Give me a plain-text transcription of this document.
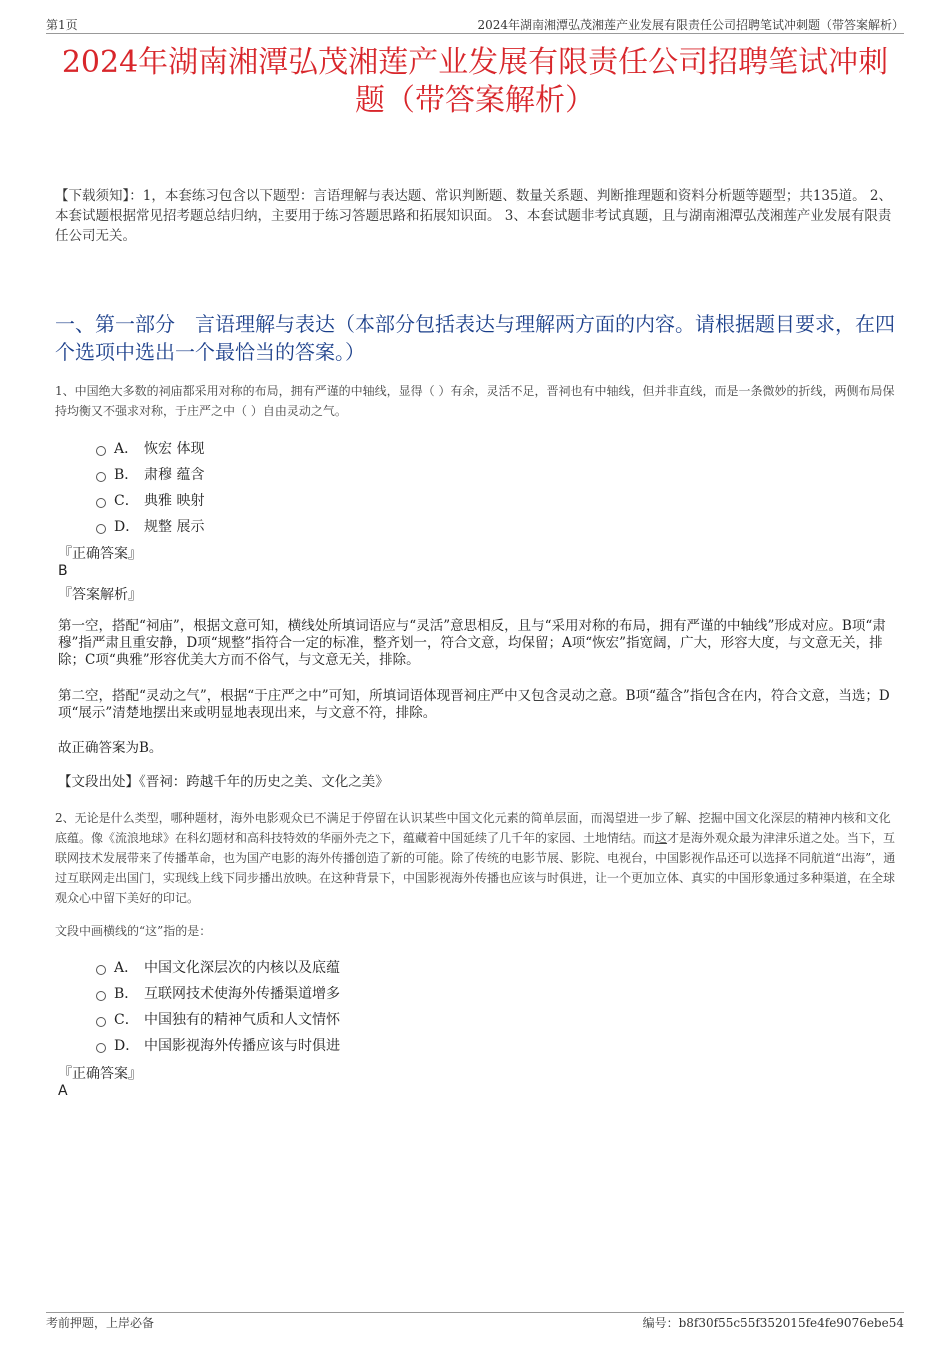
第1页	2024年湖南湘潭弘茂湘莲产业发展有限责任公司招聘笔试冲刺题（带答案解析）
2024年湖南湘潭弘茂湘莲产业发展有限责任公司招聘笔试冲刺题（带答案解析）
【下载须知】：1，本套练习包含以下题型：言语理解与表达题、常识判断题、数量关系题、判断推理题和资料分析题等题型；共135道。 2、本套试题根据常见招考题总结归纳，主要用于练习答题思路和拓展知识面。 3、本套试题非考试真题，且与湖南湘潭弘茂湘莲产业发展有限责任公司无关。
一、第一部分　言语理解与表达（本部分包括表达与理解两方面的内容。请根据题目要求，在四个选项中选出一个最恰当的答案。）
1、中国绝大多数的祠庙都采用对称的布局，拥有严谨的中轴线，显得（ ）有余，灵活不足，晋祠也有中轴线，但并非直线，而是一条微妙的折线，两侧布局保持均衡又不强求对称，于庄严之中（ ）自由灵动之气。
A． 恢宏 体现
B． 肃穆 蕴含
C． 典雅 映射
D． 规整 展示
『正确答案』
B
『答案解析』
第一空，搭配“祠庙”，根据文意可知，横线处所填词语应与“灵活”意思相反，且与“采用对称的布局，拥有严谨的中轴线”形成对应。B项“肃穆”指严肃且重安静，D项“规整”指符合一定的标准，整齐划一，符合文意，均保留；A项“恢宏”指宽阔，广大，形容大度，与文意无关，排除；C项“典雅”形容优美大方而不俗气，与文意无关，排除。
第二空，搭配“灵动之气”，根据“于庄严之中”可知，所填词语体现晋祠庄严中又包含灵动之意。B项“蕴含”指包含在内，符合文意，当选；D项“展示”清楚地摆出来或明显地表现出来，与文意不符，排除。
故正确答案为B。
【文段出处】《晋祠：跨越千年的历史之美、文化之美》
2、无论是什么类型，哪种题材，海外电影观众已不满足于停留在认识某些中国文化元素的简单层面，而渴望进一步了解、挖掘中国文化深层的精神内核和文化底蕴。像《流浪地球》在科幻题材和高科技特效的华丽外壳之下，蕴藏着中国延续了几千年的家园、土地情结。而这才是海外观众最为津津乐道之处。当下，互联网技术发展带来了传播革命，也为国产电影的海外传播创造了新的可能。除了传统的电影节展、影院、电视台，中国影视作品还可以选择不同航道“出海”，通过互联网走出国门，实现线上线下同步播出放映。在这种背景下，中国影视海外传播也应该与时俱进，让一个更加立体、真实的中国形象通过多种渠道，在全球观众心中留下美好的印记。
文段中画横线的“这”指的是：
A． 中国文化深层次的内核以及底蕴
B． 互联网技术使海外传播渠道增多
C． 中国独有的精神气质和人文情怀
D． 中国影视海外传播应该与时俱进
『正确答案』
A
考前押题，上岸必备	编号：b8f30f55c55f352015fe4fe9076ebe54
